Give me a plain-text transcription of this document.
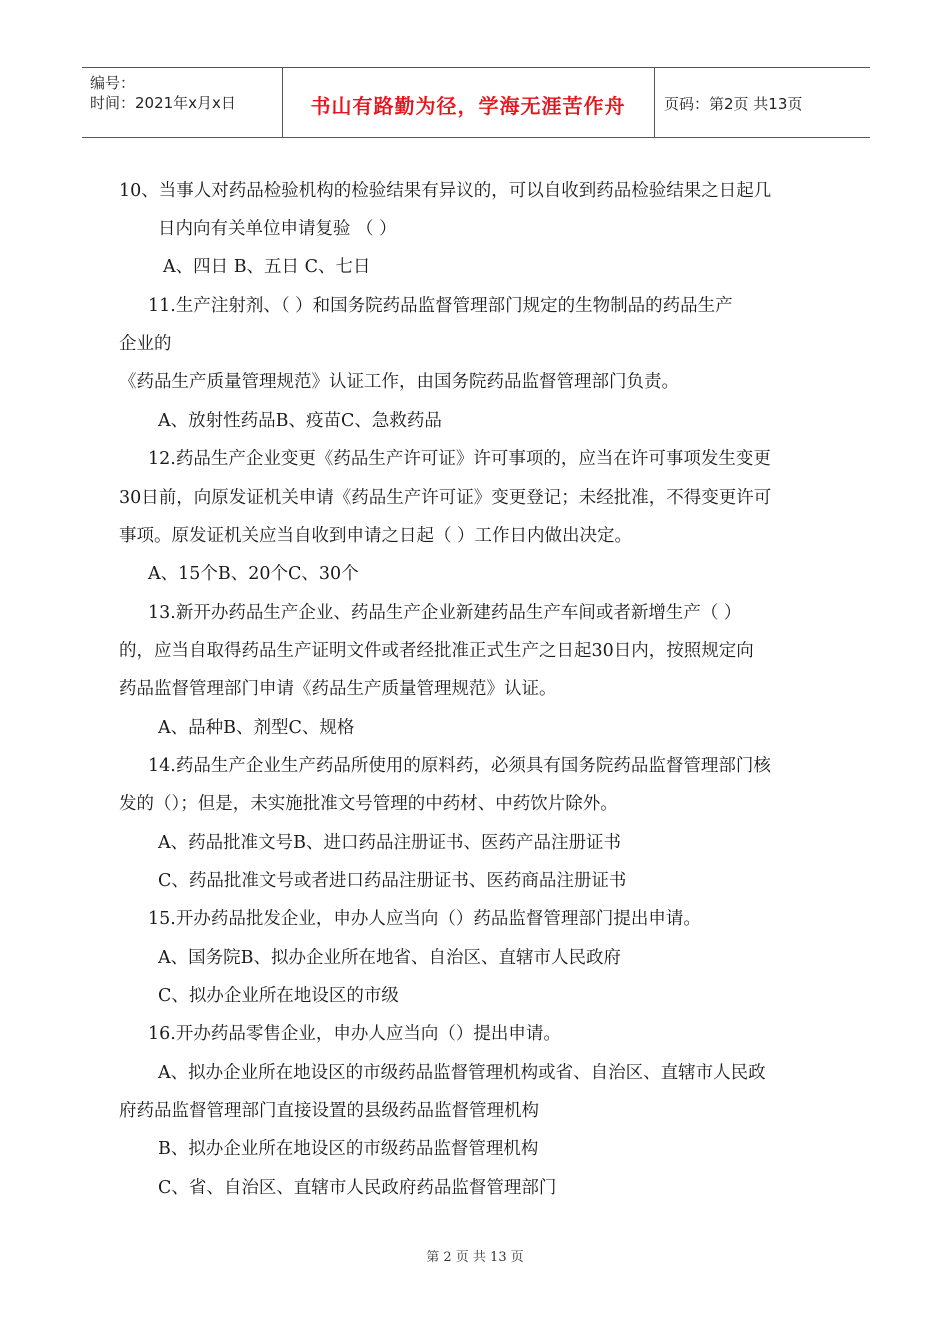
编号：
时间：2021年x月x日	书山有路勤为径，学海无涯苦作舟	页码：第2页 共13页
10、当事人对药品检验机构的检验结果有异议的，可以自收到药品检验结果之日起几
日内向有关单位申请复验 （ ）
A、四日 B、五日 C、七日
11.生产注射剂、（ ）和国务院药品监督管理部门规定的生物制品的药品生产
企业的
《药品生产质量管理规范》认证工作，由国务院药品监督管理部门负责。
A、放射性药品B、疫苗C、急救药品
12.药品生产企业变更《药品生产许可证》许可事项的，应当在许可事项发生变更
30日前，向原发证机关申请《药品生产许可证》变更登记；未经批准，不得变更许可
事项。原发证机关应当自收到申请之日起（ ）工作日内做出决定。
A、15个B、20个C、30个
13.新开办药品生产企业、药品生产企业新建药品生产车间或者新增生产（ ）
的，应当自取得药品生产证明文件或者经批准正式生产之日起30日内，按照规定向
药品监督管理部门申请《药品生产质量管理规范》认证。
A、品种B、剂型C、规格
14.药品生产企业生产药品所使用的原料药，必须具有国务院药品监督管理部门核
发的（）；但是，未实施批准文号管理的中药材、中药饮片除外。
A、药品批准文号B、进口药品注册证书、医药产品注册证书
C、药品批准文号或者进口药品注册证书、医药商品注册证书
15.开办药品批发企业，申办人应当向（）药品监督管理部门提出申请。
A、国务院B、拟办企业所在地省、自治区、直辖市人民政府
C、拟办企业所在地设区的市级
16.开办药品零售企业，申办人应当向（）提出申请。
A、拟办企业所在地设区的市级药品监督管理机构或省、自治区、直辖市人民政
府药品监督管理部门直接设置的县级药品监督管理机构
B、拟办企业所在地设区的市级药品监督管理机构
C、省、自治区、直辖市人民政府药品监督管理部门
第 2 页 共 13 页
